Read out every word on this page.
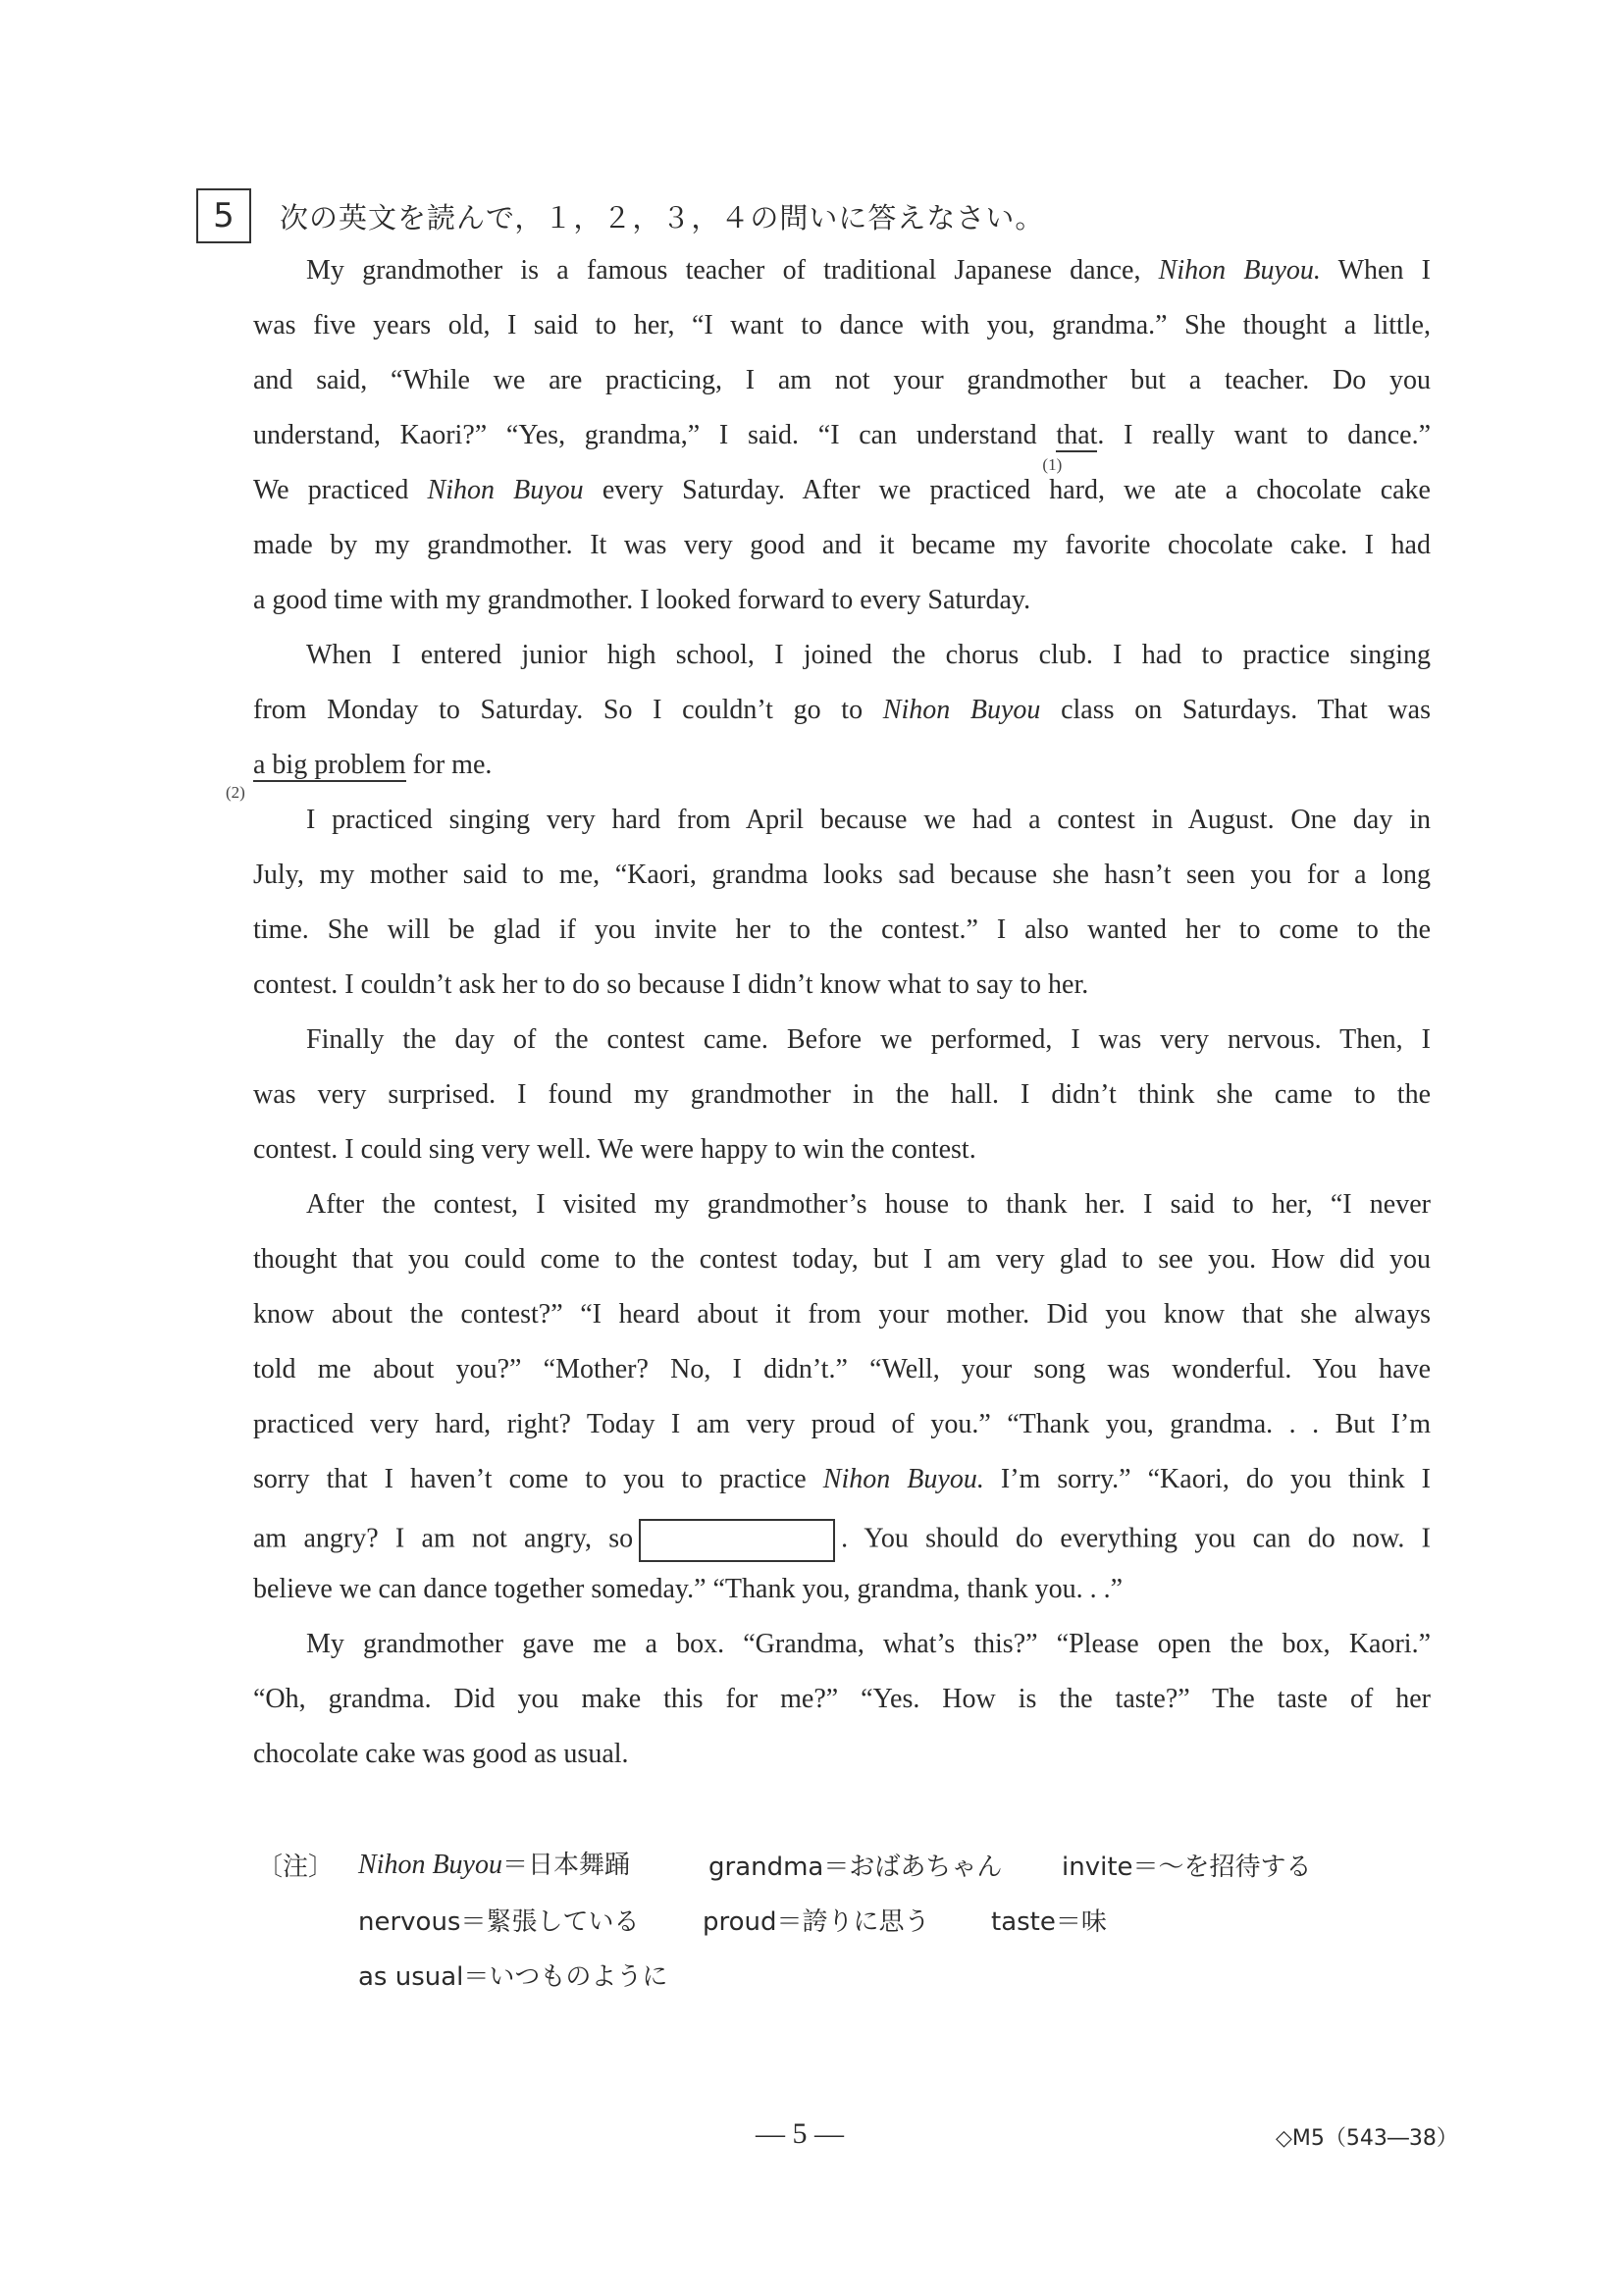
5	次の英文を読んで，１，２，３，４の問いに答えなさい。
My grandmother is a famous teacher of traditional Japanese dance, Nihon Buyou. When I
was five years old, I said to her, “I want to dance with you, grandma.” She thought a little,
and said, “While we are practicing, I am not your grandmother but a teacher. Do you
understand, Kaori?” “Yes, grandma,” I said. “I can understand that
(1)
. I really want to dance.”
We practiced Nihon Buyou every Saturday. After we practiced hard, we ate a chocolate cake
made by my grandmother. It was very good and it became my favorite chocolate cake. I had
a good time with my grandmother. I looked forward to every Saturday.
When I entered junior high school, I joined the chorus club. I had to practice singing
from Monday to Saturday. So I couldn’t go to Nihon Buyou class on Saturdays. That was
a big problem
(2)
for me.
I practiced singing very hard from April because we had a contest in August. One day in
July, my mother said to me, “Kaori, grandma looks sad because she hasn’t seen you for a long
time. She will be glad if you invite her to the contest.” I also wanted her to come to the
contest. I couldn’t ask her to do so because I didn’t know what to say to her.
Finally the day of the contest came. Before we performed, I was very nervous. Then, I
was very surprised. I found my grandmother in the hall. I didn’t think she came to the
contest. I could sing very well. We were happy to win the contest.
After the contest, I visited my grandmother’s house to thank her. I said to her, “I never
thought that you could come to the contest today, but I am very glad to see you. How did you
know about the contest?” “I heard about it from your mother. Did you know that she always
told me about you?” “Mother? No, I didn’t.” “Well, your song was wonderful. You have
practiced very hard, right? Today I am very proud of you.” “Thank you, grandma. . . But I’m
sorry that I haven’t come to you to practice Nihon Buyou. I’m sorry.” “Kaori, do you think I
am angry? I am not angry, so	. You should do everything you can do now. I
believe we can dance together someday.” “Thank you, grandma, thank you. . .”
My grandmother gave me a box. “Grandma, what’s this?” “Please open the box, Kaori.”
“Oh, grandma. Did you make this for me?” “Yes. How is the taste?” The taste of her
chocolate cake was good as usual.
〔注〕 Nihon Buyou＝日本舞踊	grandma＝おばあちゃん invite＝～を招待する
nervous＝緊張している proud＝誇りに思う taste＝味
as usual＝いつものように
― 5 ―	◇M5（543―38）
